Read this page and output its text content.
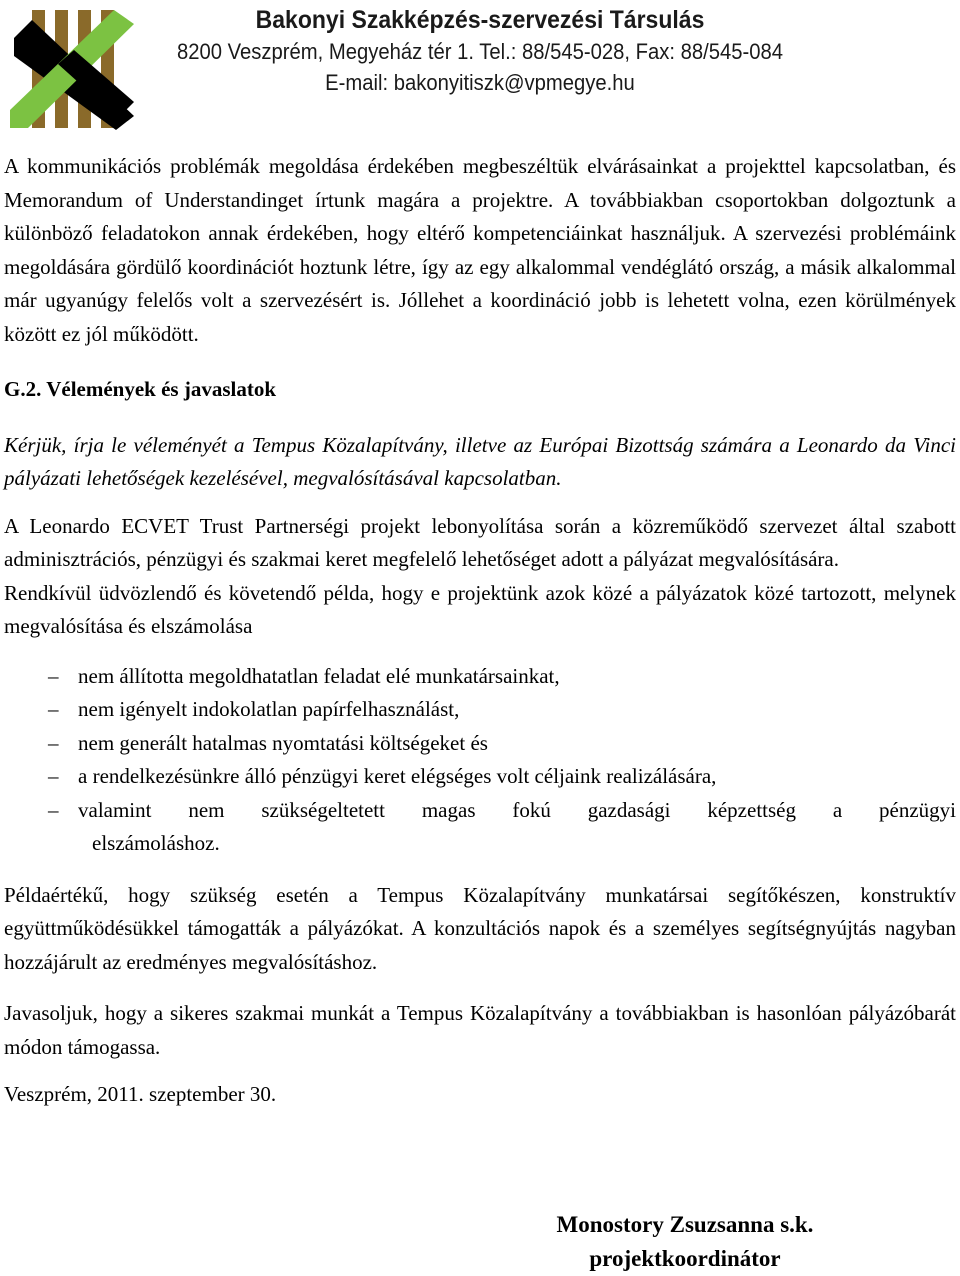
Bakonyi Szakképzés-szervezési Társulás
8200 Veszprém, Megyeház tér 1. Tel.: 88/545-028, Fax: 88/545-084
E-mail: bakonyitiszk@vpmegye.hu

A kommunikációs problémák megoldása érdekében megbeszéltük elvárásainkat a projekttel kapcsolatban, és Memorandum of Understandinget írtunk magára a projektre. A továbbiakban csoportokban dolgoztunk a különböző feladatokon annak érdekében, hogy eltérő kompetenciáinkat használjuk. A szervezési problémáink megoldására gördülő koordinációt hoztunk létre, így az egy alkalommal vendéglátó ország, a másik alkalommal már ugyanúgy felelős volt a szervezésért is. Jóllehet a koordináció jobb is lehetett volna, ezen körülmények között ez jól működött.

G.2. Vélemények és javaslatok

Kérjük, írja le véleményét a Tempus Közalapítvány, illetve az Európai Bizottság számára a Leonardo da Vinci pályázati lehetőségek kezelésével, megvalósításával kapcsolatban.

A Leonardo ECVET Trust Partnerségi projekt lebonyolítása során a közreműködő szervezet által szabott adminisztrációs, pénzügyi és szakmai keret megfelelő lehetőséget adott a pályázat megvalósítására.

Rendkívül üdvözlendő és követendő példa, hogy e projektünk azok közé a pályázatok közé tartozott, melynek megvalósítása és elszámolása

– nem állította megoldhatatlan feladat elé munkatársainkat,
– nem igényelt indokolatlan papírfelhasználást,
– nem generált hatalmas nyomtatási költségeket és
– a rendelkezésünkre álló pénzügyi keret elégséges volt céljaink realizálására,
– valamint nem szükségeltetett magas fokú gazdasági képzettség a pénzügyi
elszámoláshoz.

Példaértékű, hogy szükség esetén a Tempus Közalapítvány munkatársai segítőkészen, konstruktív együttműködésükkel támogatták a pályázókat. A konzultációs napok és a személyes segítségnyújtás nagyban hozzájárult az eredményes megvalósításhoz.

Javasoljuk, hogy a sikeres szakmai munkát a Tempus Közalapítvány a továbbiakban is hasonlóan pályázóbarát módon támogassa.

Veszprém, 2011. szeptember 30.

Monostory Zsuzsanna s.k.
projektkoordinátor
